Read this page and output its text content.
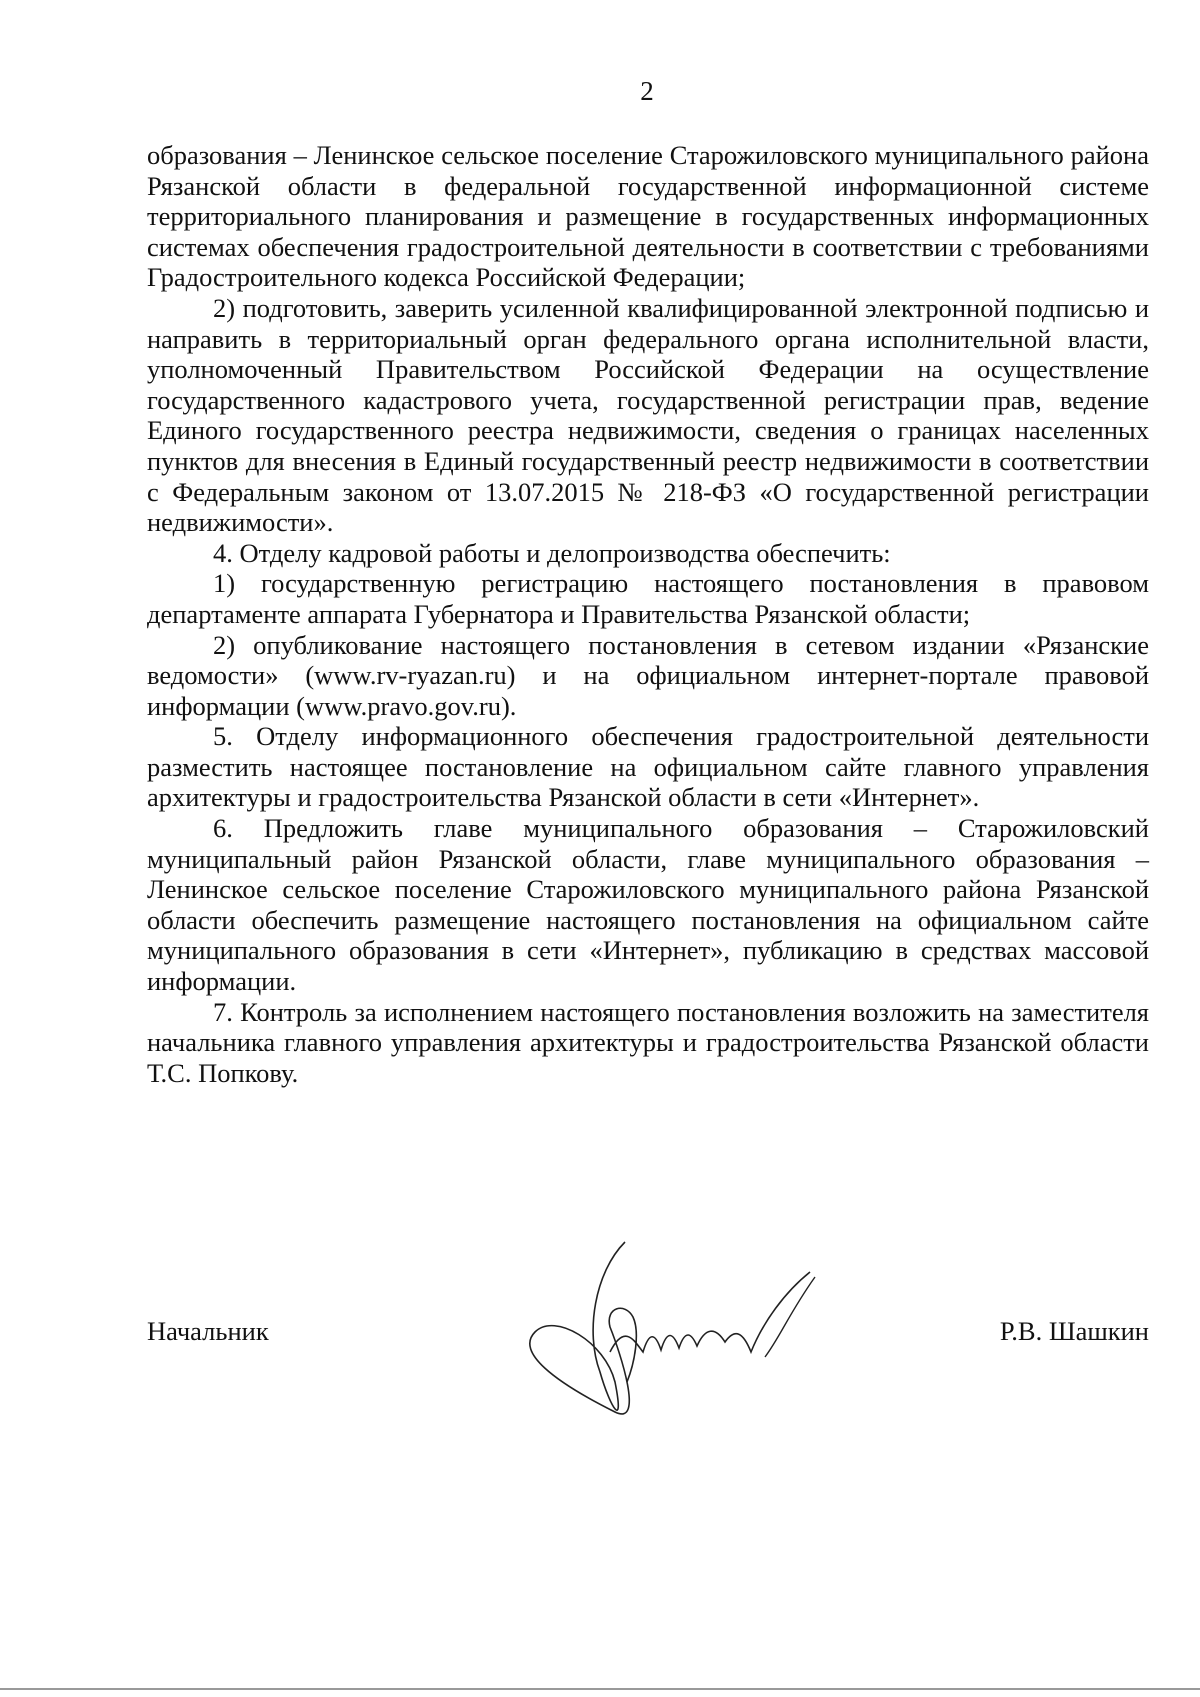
2

образования – Ленинское сельское поселение Старожиловского муниципального района Рязанской области в федеральной государственной информационной системе территориального планирования и размещение в государственных информационных системах обеспечения градостроительной деятельности в соответствии с требованиями Градостроительного кодекса Российской Федерации;

2) подготовить, заверить усиленной квалифицированной электронной подписью и направить в территориальный орган федерального органа исполнительной власти, уполномоченный Правительством Российской Федерации на осуществление государственного кадастрового учета, государственной регистрации прав, ведение Единого государственного реестра недвижимости, сведения о границах населенных пунктов для внесения в Единый государственный реестр недвижимости в соответствии с Федеральным законом от 13.07.2015 № 218-ФЗ «О государственной регистрации недвижимости».

4. Отделу кадровой работы и делопроизводства обеспечить:

1) государственную регистрацию настоящего постановления в правовом департаменте аппарата Губернатора и Правительства Рязанской области;

2) опубликование настоящего постановления в сетевом издании «Рязанские ведомости» (www.rv-ryazan.ru) и на официальном интернет-портале правовой информации (www.pravo.gov.ru).

5. Отделу информационного обеспечения градостроительной деятельности разместить настоящее постановление на официальном сайте главного управления архитектуры и градостроительства Рязанской области в сети «Интернет».

6. Предложить главе муниципального образования – Старожиловский муниципальный район Рязанской области, главе муниципального образования – Ленинское сельское поселение Старожиловского муниципального района Рязанской области обеспечить размещение настоящего постановления на официальном сайте муниципального образования в сети «Интернет», публикацию в средствах массовой информации.

7. Контроль за исполнением настоящего постановления возложить на заместителя начальника главного управления архитектуры и градостроительства Рязанской области Т.С. Попкову.

Начальник	Р.В. Шашкин
